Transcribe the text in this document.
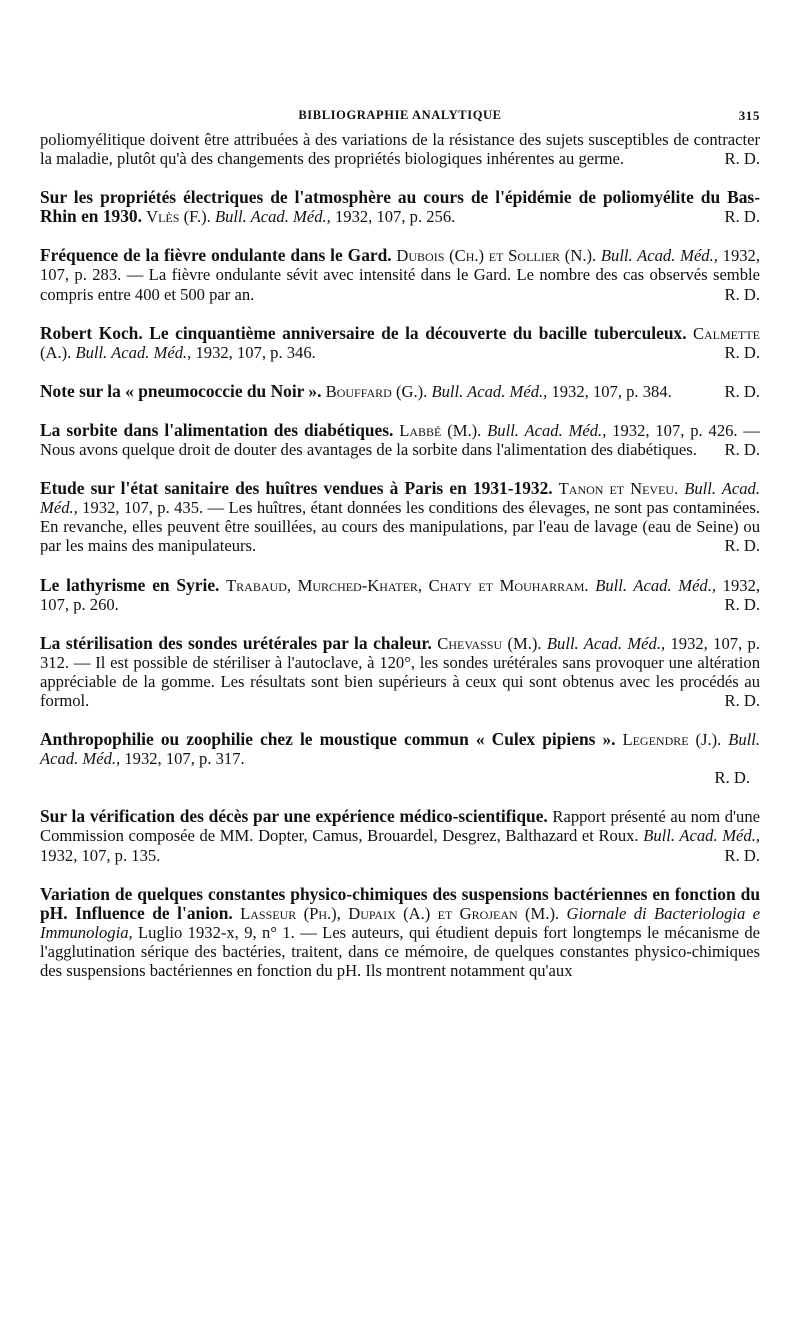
BIBLIOGRAPHIE ANALYTIQUE	315

poliomyélitique doivent être attribuées à des variations de la résistance des sujets susceptibles de contracter la maladie, plutôt qu'à des changements des propriétés biologiques inhérentes au germe.	R. D.

Sur les propriétés électriques de l'atmosphère au cours de l'épidémie de poliomyélite du Bas-Rhin en 1930. Vlès (F.). Bull. Acad. Méd., 1932, 107, p. 256.	R. D.

Fréquence de la fièvre ondulante dans le Gard. Dubois (Ch.) et Sollier (N.). Bull. Acad. Méd., 1932, 107, p. 283. — La fièvre ondulante sévit avec intensité dans le Gard. Le nombre des cas observés semble compris entre 400 et 500 par an.	R. D.

Robert Koch. Le cinquantième anniversaire de la découverte du bacille tuberculeux. Calmette (A.). Bull. Acad. Méd., 1932, 107, p. 346.	R. D.

Note sur la « pneumococcie du Noir ». Bouffard (G.). Bull. Acad. Méd., 1932, 107, p. 384.	R. D.

La sorbite dans l'alimentation des diabétiques. Labbé (M.). Bull. Acad. Méd., 1932, 107, p. 426. — Nous avons quelque droit de douter des avantages de la sorbite dans l'alimentation des diabétiques. R. D.

Etude sur l'état sanitaire des huîtres vendues à Paris en 1931-1932. Tanon et Neveu. Bull. Acad. Méd., 1932, 107, p. 435. — Les huîtres, étant données les conditions des élevages, ne sont pas contaminées. En revanche, elles peuvent être souillées, au cours des manipulations, par l'eau de lavage (eau de Seine) ou par les mains des manipulateurs.	R. D.

Le lathyrisme en Syrie. Trabaud, Murched-Khater, Chaty et Mouharram. Bull. Acad. Méd., 1932, 107, p. 260.	R. D.

La stérilisation des sondes urétérales par la chaleur. Chevassu (M.). Bull. Acad. Méd., 1932, 107, p. 312. — Il est possible de stériliser à l'autoclave, à 120°, les sondes urétérales sans provoquer une altération appréciable de la gomme. Les résultats sont bien supérieurs à ceux qui sont obtenus avec les procédés au formol.	R. D.

Anthropophilie ou zoophilie chez le moustique commun « Culex pipiens ». Legendre (J.). Bull. Acad. Méd., 1932, 107, p. 317.
R. D.

Sur la vérification des décès par une expérience médico-scientifique. Rapport présenté au nom d'une Commission composée de MM. Dopter, Camus, Brouardel, Desgrez, Balthazard et Roux. Bull. Acad. Méd., 1932, 107, p. 135.	R. D.

Variation de quelques constantes physico-chimiques des suspensions bactériennes en fonction du pH. Influence de l'anion. Lasseur (Ph.), Dupaix (A.) et Grojean (M.). Giornale di Bacteriologia e Immunologia, Luglio 1932-x, 9, n° 1. — Les auteurs, qui étudient depuis fort longtemps le mécanisme de l'agglutination sérique des bactéries, traitent, dans ce mémoire, de quelques constantes physico-chimiques des suspensions bactériennes en fonction du pH. Ils montrent notamment qu'aux
